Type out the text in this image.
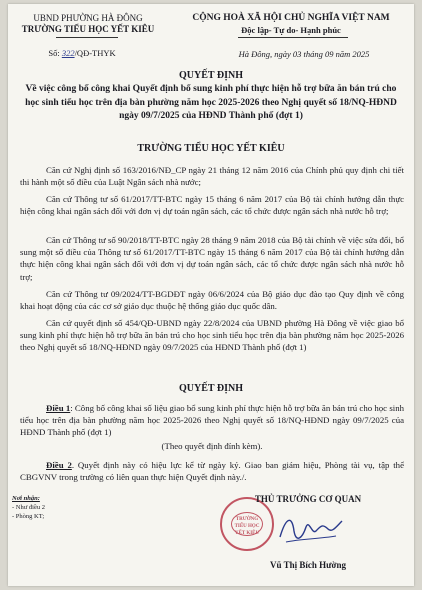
UBND PHƯỜNG HÀ ĐÔNG
TRƯỜNG TIỂU HỌC YẾT KIÊU
Số: 322/QĐ-THYK
CỘNG HOÀ XÃ HỘI CHỦ NGHĨA VIỆT NAM
Độc lập- Tự do- Hạnh phúc
Hà Đông, ngày 03 tháng 09 năm 2025
QUYẾT ĐỊNH
Về việc công bố công khai Quyết định bổ sung kinh phí thực hiện hỗ trợ bữa ăn bán trú cho học sinh tiểu học trên địa bàn phường năm học 2025-2026 theo Nghị quyết số 18/NQ-HĐND ngày 09/7/2025 của HĐND Thành phố (đợt 1)
TRƯỜNG TIỂU HỌC YẾT KIÊU
Căn cứ Nghị định số 163/2016/NĐ_CP ngày 21 tháng 12 năm 2016 của Chính phủ quy định chi tiết thi hành một số điều của Luật Ngân sách nhà nước;
Căn cứ Thông tư số 61/2017/TT-BTC ngày 15 tháng 6 năm 2017 của Bộ tài chính hướng dẫn thực hiện công khai ngân sách đối với đơn vị dự toán ngân sách, các tổ chức được ngân sách nhà nước hỗ trợ;
Căn cứ Thông tư số 90/2018/TT-BTC ngày 28 tháng 9 năm 2018 của Bộ tài chính về việc sửa đổi, bổ sung một số điều của Thông tư số 61/2017/TT-BTC ngày 15 tháng 6 năm 2017 của Bộ tài chính hướng dẫn thực hiện công khai ngân sách đối với đơn vị dự toán ngân sách, các tổ chức được ngân sách nhà nước hỗ trợ;
Căn cứ Thông tư 09/2024/TT-BGDĐT ngày 06/6/2024 của Bộ giáo dục đào tạo Quy định về công khai hoạt động của các cơ sở giáo dục thuộc hệ thống giáo dục quốc dân.
Căn cứ quyết định số 454/QĐ-UBND ngày 22/8/2024 của UBND phường Hà Đông về việc giao bổ sung kinh phí thực hiện hỗ trợ bữa ăn bán trú cho học sinh tiểu học trên địa bàn phường năm học 2025-2026 theo Nghị quyết số 18/NQ-HĐND ngày 09/7/2025 của HĐND Thành phố (đợt 1)
QUYẾT ĐỊNH
Điều 1: Công bố công khai số liệu giao bổ sung kinh phí thực hiện hỗ trợ bữa ăn bán trú cho học sinh tiểu học trên địa bàn phường năm học 2025-2026 theo Nghị quyết số 18/NQ-HĐND ngày 09/7/2025 của HĐND Thành phố (đợt 1)
(Theo quyết định đính kèm).
Điều 2. Quyết định này có hiệu lực kể từ ngày ký. Giao ban giám hiệu, Phòng tài vụ, tập thể CBGVNV trong trường có liên quan thực hiện Quyết định này./.
Nơi nhận:
- Như điều 2
- Phòng KT;	TRƯỜNG TIỂU HỌC YẾT KIÊU
THỦ TRƯỞNG CƠ QUAN
Vũ Thị Bích Hường
